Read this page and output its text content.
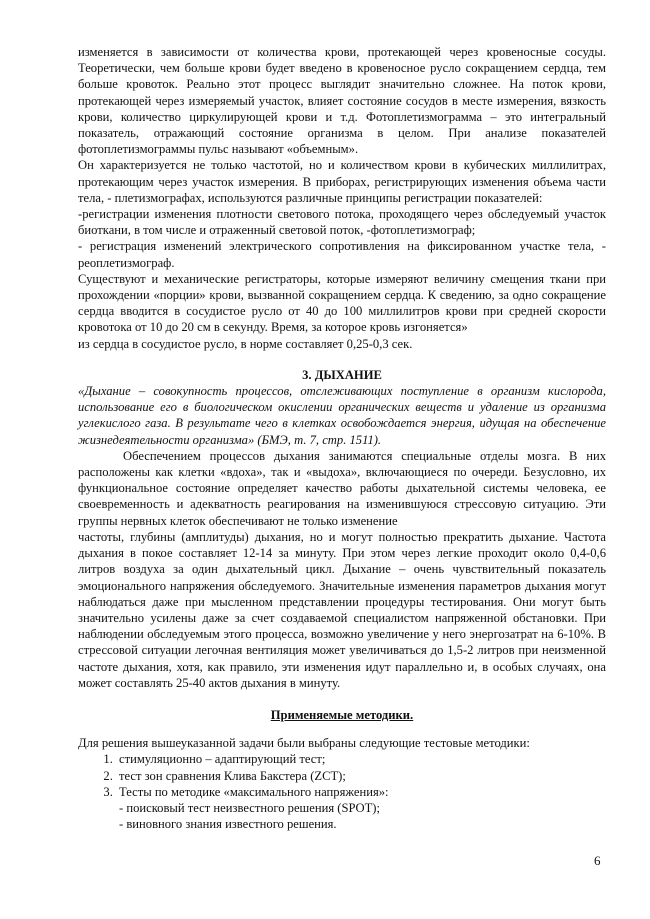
изменяется в зависимости от количества крови, протекающей через кровеносные сосуды. Теоретически, чем больше крови будет введено в кровеносное русло сокращением сердца, тем больше кровоток. Реально этот процесс выглядит значительно сложнее. На поток крови, протекающей через измеряемый участок, влияет состояние сосудов в месте измерения, вязкость крови, количество циркулирующей крови и т.д. Фотоплетизмограмма – это интегральный показатель, отражающий состояние организма в целом. При анализе показателей фотоплетизмограммы пульс называют «объемным».

Он характеризуется не только частотой, но и количеством крови в кубических миллилитрах, протекающим через участок измерения. В приборах, регистрирующих изменения объема части тела, - плетизмографах, используются различные принципы регистрации показателей:

-регистрации изменения плотности светового потока, проходящего через обследуемый участок биоткани, в том числе и отраженный световой поток, -фотоплетизмограф;

- регистрация изменений электрического сопротивления на фиксированном участке тела, - реоплетизмограф.

Существуют и механические регистраторы, которые измеряют величину смещения ткани при прохождении «порции» крови, вызванной сокращением сердца. К сведению, за одно сокращение сердца вводится в сосудистое русло от 40 до 100 миллилитров крови при средней скорости кровотока от 10 до 20 см в секунду. Время, за которое кровь изгоняется»

из сердца в сосудистое русло, в норме составляет 0,25-0,3 сек.

3. ДЫХАНИЕ

«Дыхание – совокупность процессов, отслеживающих поступление в организм кислорода, использование его в биологическом окислении органических веществ и удаление из организма углекислого газа. В результате чего в клетках освобождается энергия, идущая на обеспечение жизнедеятельности организма» (БМЭ, т. 7, стр. 1511).

Обеспечением процессов дыхания занимаются специальные отделы мозга. В них расположены как клетки «вдоха», так и «выдоха», включающиеся по очереди. Безусловно, их функциональное состояние определяет качество работы дыхательной системы человека, ее своевременность и адекватность реагирования на изменившуюся стрессовую ситуацию. Эти группы нервных клеток обеспечивают не только изменение

частоты, глубины (амплитуды) дыхания, но и могут полностью прекратить дыхание. Частота дыхания в покое составляет 12-14 за минуту. При этом через легкие проходит около 0,4-0,6 литров воздуха за один дыхательный цикл. Дыхание – очень чувствительный показатель эмоционального напряжения обследуемого. Значительные изменения параметров дыхания могут наблюдаться даже при мысленном представлении процедуры тестирования. Они могут быть значительно усилены даже за счет создаваемой специалистом напряженной обстановки. При наблюдении обследуемым этого процесса, возможно увеличение у него энергозатрат на 6-10%. В стрессовой ситуации легочная вентиляция может увеличиваться до 1,5-2 литров при неизменной частоте дыхания, хотя, как правило, эти изменения идут параллельно и, в особых случаях, она может составлять 25-40 актов дыхания в минуту.

Применяемые методики.

Для решения вышеуказанной задачи были выбраны следующие тестовые методики:

1. стимуляционно – адаптирующий тест;
2. тест зон сравнения Клива Бакстера (ZCT);
3. Тесты по методике «максимального напряжения»:

- поисковый тест неизвестного решения (SPOT);

- виновного знания известного решения.

6
